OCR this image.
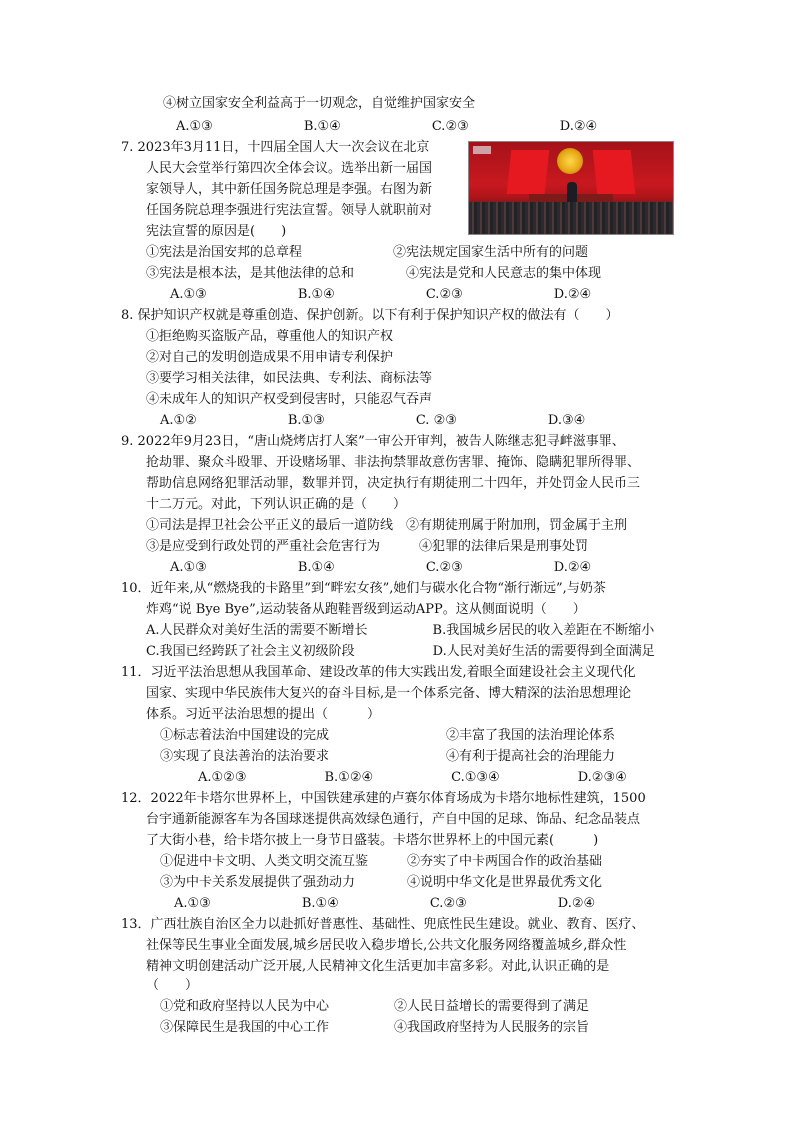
④树立国家安全利益高于一切观念，自觉维护国家安全
A.①③　　　　　　　B.①④　　　　　　　C.②③　　　　　　　D.②④
7. 2023年3月11日，十四届全国人大一次会议在北京
人民大会堂举行第四次全体会议。选举出新一届国
家领导人，其中新任国务院总理是李强。右图为新
任国务院总理李强进行宪法宣誓。领导人就职前对
宪法宣誓的原因是(　　)
①宪法是治国安邦的总章程　　　　　　　②宪法规定国家生活中所有的问题
③宪法是根本法，是其他法律的总和　　　　④宪法是党和人民意志的集中体现
A.①③　　　　　　　B.①④　　　　　　　C.②③　　　　　　　D.②④
8. 保护知识产权就是尊重创造、保护创新。以下有利于保护知识产权的做法有（　　）
①拒绝购买盗版产品，尊重他人的知识产权
②对自己的发明创造成果不用申请专利保护
③要学习相关法律，如民法典、专利法、商标法等
④未成年人的知识产权受到侵害时，只能忍气吞声
A.①②　　　　　　　B.①③　　　　　　　C. ②③　　　　　　　D.③④
9. 2022年9月23日，“唐山烧烤店打人案”一审公开审判，被告人陈继志犯寻衅滋事罪、
抢劫罪、聚众斗殴罪、开设赌场罪、非法拘禁罪故意伤害罪、掩饰、隐瞒犯罪所得罪、
帮助信息网络犯罪活动罪，数罪并罚，决定执行有期徒刑二十四年，并处罚金人民币三
十二万元。对此，下列认识正确的是（　　）
①司法是捍卫社会公平正义的最后一道防线　②有期徒刑属于附加刑，罚金属于主刑
③是应受到行政处罚的严重社会危害行为　　　④犯罪的法律后果是刑事处罚
A.①③　　　　　　　B.①④　　　　　　　C.②③　　　　　　　D.②④
10．近年来,从“燃烧我的卡路里”到“畔宏女孩”,她们与碳水化合物“渐行渐远”,与奶茶
炸鸡“说 Bye Bye”,运动装备从跑鞋晋级到运动APP。这从侧面说明（　　）
A.人民群众对美好生活的需要不断增长　　　　　B.我国城乡居民的收入差距在不断缩小
C.我国已经跨跃了社会主义初级阶段　　　　　　D.人民对美好生活的需要得到全面满足
11．习近平法治思想从我国革命、建设改革的伟大实践出发,着眼全面建设社会主义现代化
国家、实现中华民族伟大复兴的奋斗目标,是一个体系完备、博大精深的法治思想理论
体系。习近平法治思想的提出（　　　）
①标志着法治中国建设的完成　　　　　　　　　②丰富了我国的法治理论体系
③实现了良法善治的法治要求　　　　　　　　　④有利于提高社会的治理能力
A.①②③　　　　　　B.①②④　　　　　　C.①③④　　　　　　D.②③④
12．2022年卡塔尔世界杯上，中国铁建承建的卢赛尔体育场成为卡塔尔地标性建筑，1500
台宇通新能源客车为各国球迷提供高效绿色通行，产自中国的足球、饰品、纪念品装点
了大街小巷，给卡塔尔披上一身节日盛装。卡塔尔世界杯上的中国元素(　　　)
①促进中卡文明、人类文明交流互鉴　　　②夯实了中卡两国合作的政治基础
③为中卡关系发展提供了强劲动力　　　　④说明中华文化是世界最优秀文化
A.①③　　　　　　　B.①④　　　　　　　C.②③　　　　　　　D.②④
13．广西壮族自治区全力以赴抓好普惠性、基础性、兜底性民生建设。就业、教育、医疗、
社保等民生事业全面发展,城乡居民收入稳步增长,公共文化服务网络覆盖城乡,群众性
精神文明创建活动广泛开展,人民精神文化生活更加丰富多彩。对此,认识正确的是
（　　）
①党和政府坚持以人民为中心　　　　　②人民日益增长的需要得到了满足
③保障民生是我国的中心工作　　　　　④我国政府坚持为人民服务的宗旨
